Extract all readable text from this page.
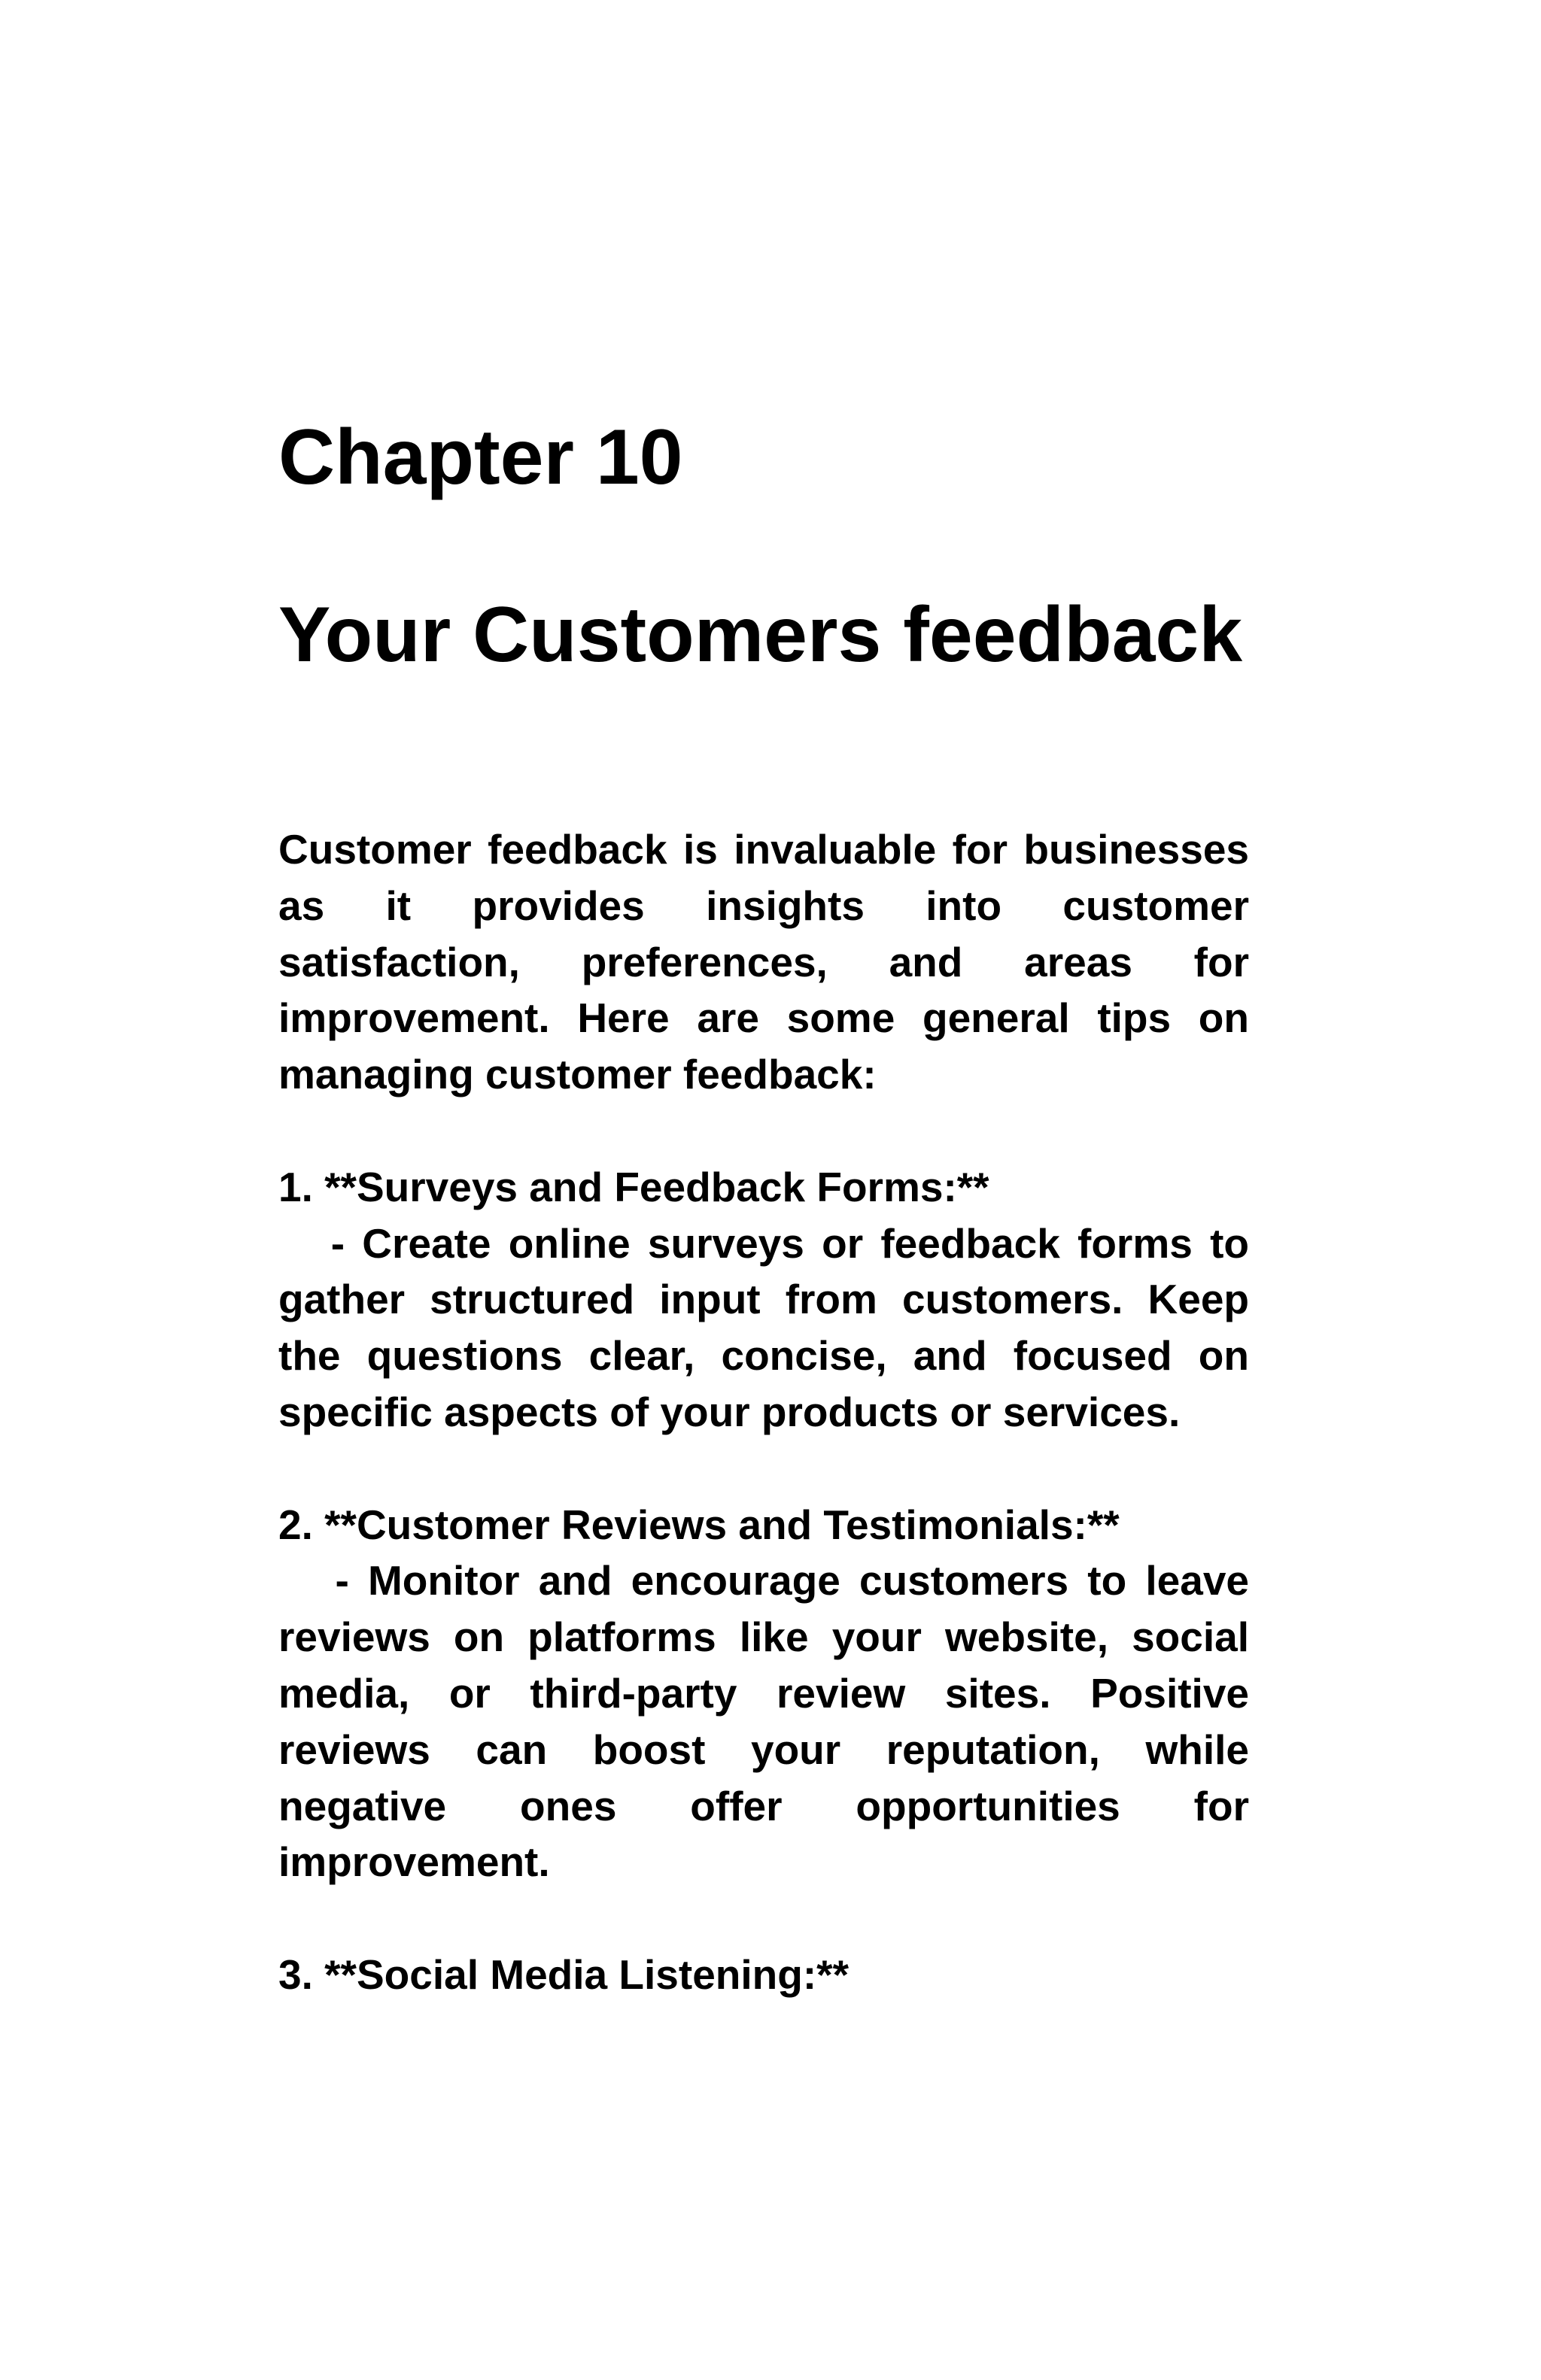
Chapter 10
Your Customers feedback

Customer feedback is invaluable for businesses as it provides insights into customer satisfaction, preferences, and areas for improvement. Here are some general tips on managing customer feedback:

1. **Surveys and Feedback Forms:**

- Create online surveys or feedback forms to gather structured input from customers. Keep the questions clear, concise, and focused on specific aspects of your products or services.

2. **Customer Reviews and Testimonials:**

- Monitor and encourage customers to leave reviews on platforms like your website, social media, or third-party review sites. Positive reviews can boost your reputation, while negative ones offer opportunities for improvement.

3. **Social Media Listening:**
